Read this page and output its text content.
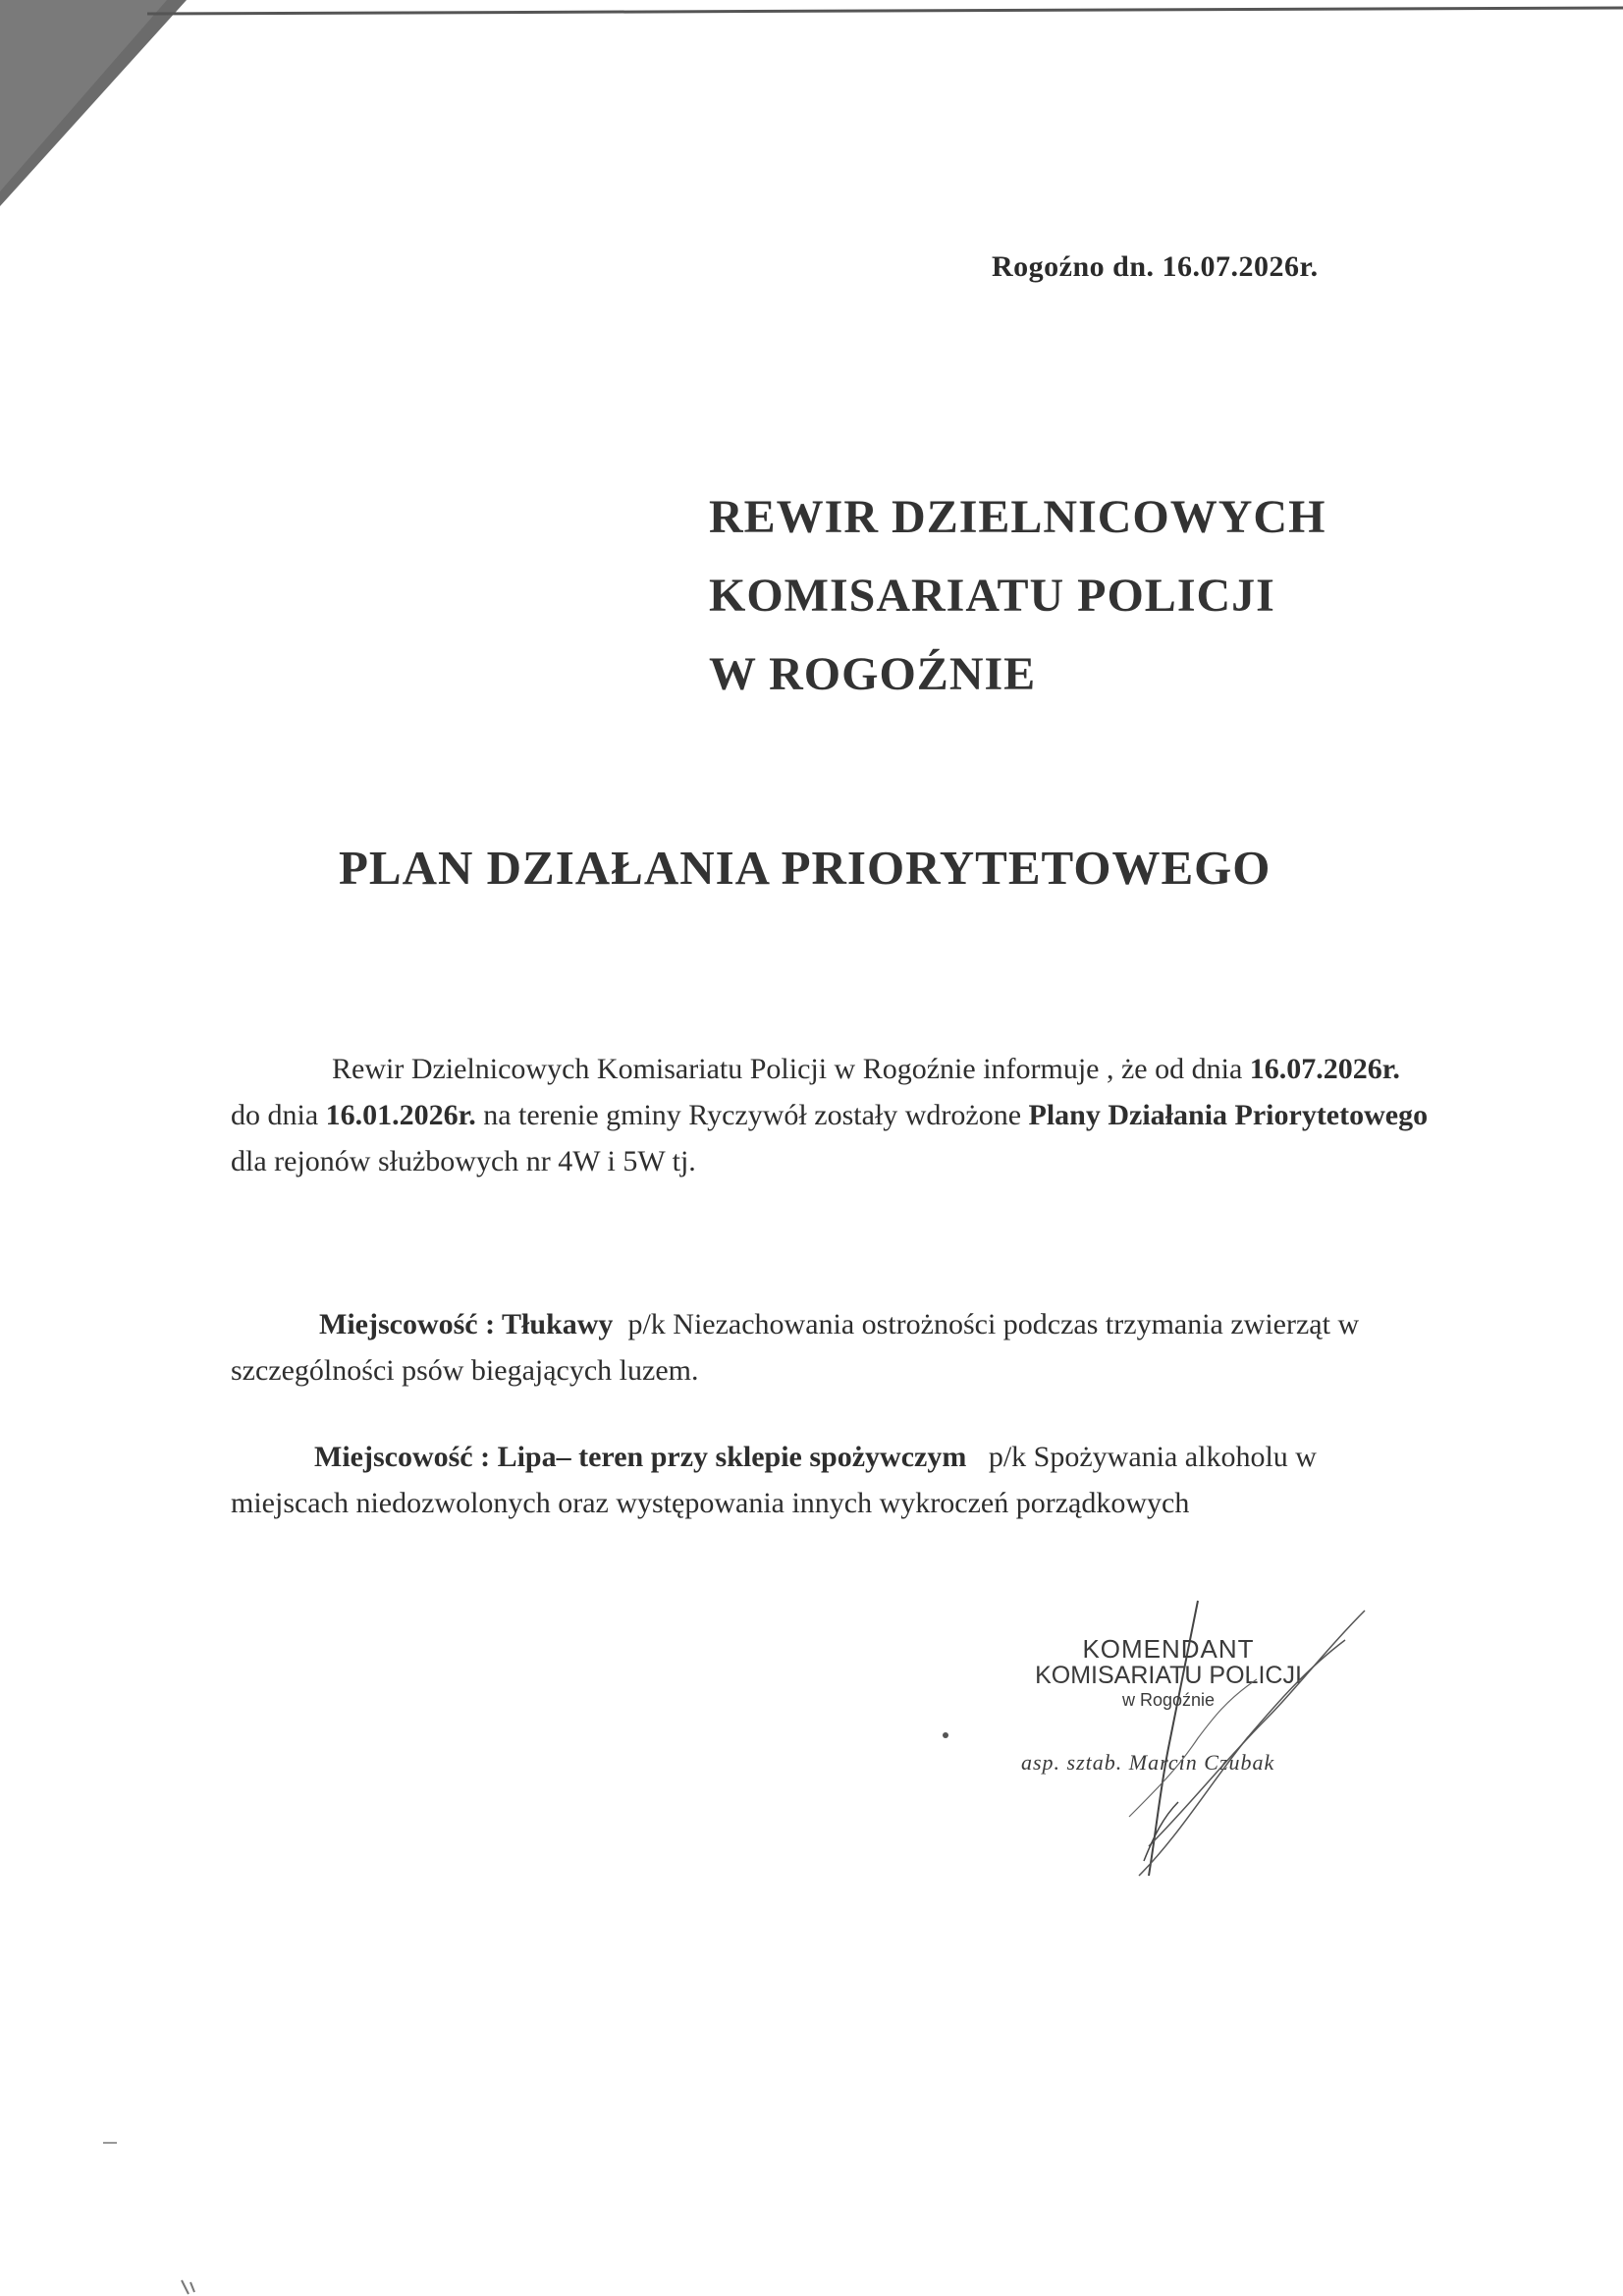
Rogoźno dn. 16.07.2026r.
REWIR DZIELNICOWYCH
KOMISARIATU POLICJI
W ROGOŹNIE
PLAN DZIAŁANIA PRIORYTETOWEGO
Rewir Dzielnicowych Komisariatu Policji w Rogoźnie informuje , że od dnia 16.07.2026r. do dnia 16.01.2026r. na terenie gminy Ryczywół zostały wdrożone Plany Działania Priorytetowego dla rejonów służbowych nr 4W i 5W tj.
Miejscowość : Tłukawy  p/k Niezachowania ostrożności podczas trzymania zwierząt w szczególności psów biegających luzem.
Miejscowość : Lipa– teren przy sklepie spożywczym   p/k Spożywania alkoholu w miejscach niedozwolonych oraz występowania innych wykroczeń porządkowych
KOMENDANT
KOMISARIATU POLICJI
w Rogoźnie
asp. sztab. Marcin Czubak
